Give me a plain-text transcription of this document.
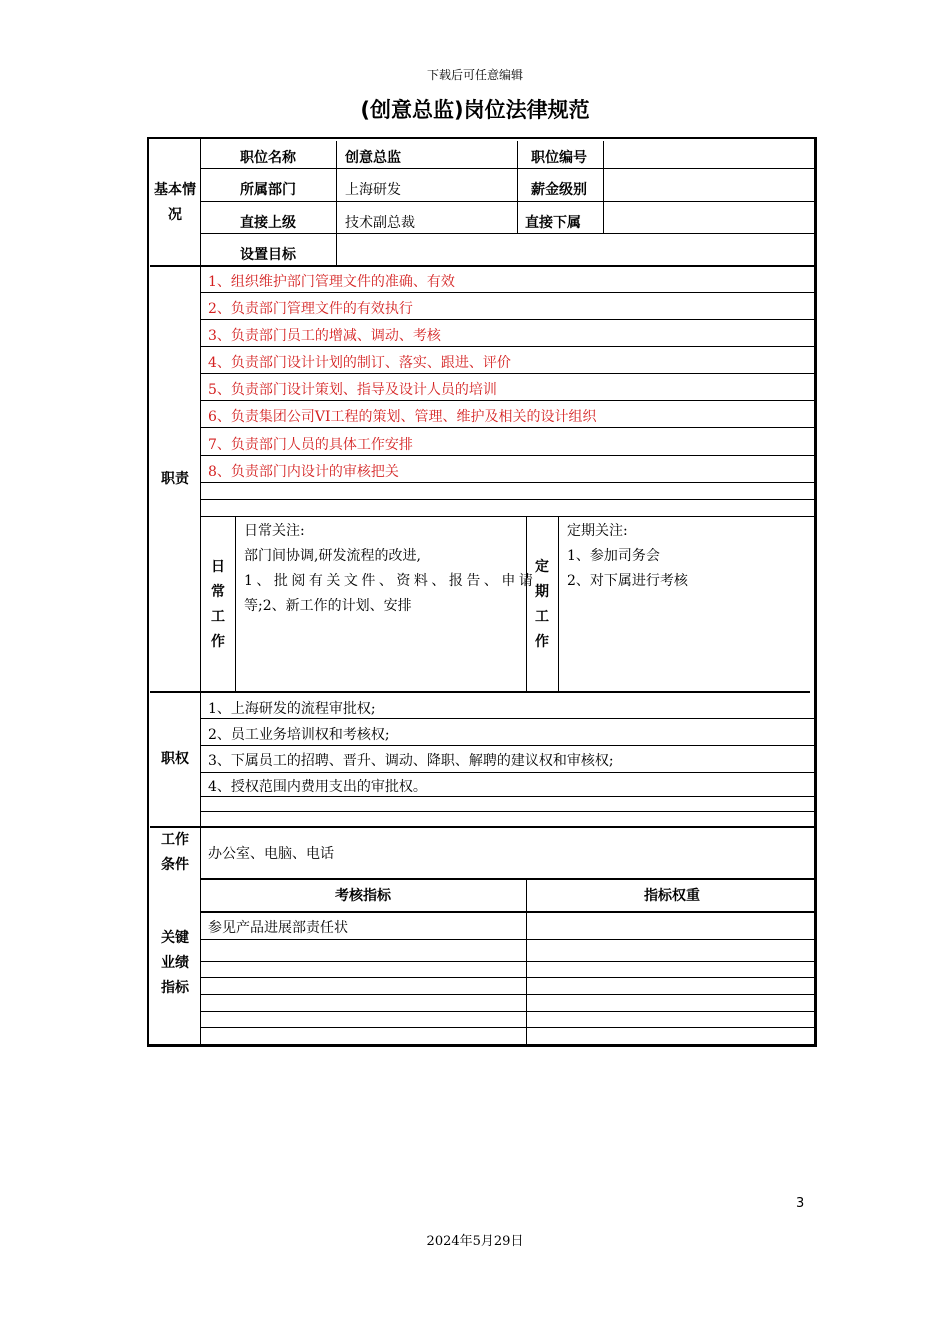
下载后可任意编辑
(创意总监)岗位法律规范
基本情况
职位名称	创意总监	职位编号
所属部门	上海研发	薪金级别
直接上级	技术副总裁	直接下属
设置目标
职责
1、组织维护部门管理文件的准确、有效
2、负责部门管理文件的有效执行
3、负责部门员工的增减、调动、考核
4、负责部门设计计划的制订、落实、跟进、评价
5、负责部门设计策划、指导及设计人员的培训
6、负责集团公司VI工程的策划、管理、维护及相关的设计组织
7、负责部门人员的具体工作安排
8、负责部门内设计的审核把关
日常工作
日常关注:
部门间协调,研发流程的改进,
1、批阅有关文件、资料、报告、申请
等;2、新工作的计划、安排
定期工作
定期关注:
1、参加司务会
2、对下属进行考核
职权
1、上海研发的流程审批权;
2、员工业务培训权和考核权;
3、下属员工的招聘、晋升、调动、降职、解聘的建议权和审核权;
4、授权范围内费用支出的审批权。
工作条件
办公室、电脑、电话
关键业绩指标
考核指标	指标权重
参见产品进展部责任状
3
2024年5月29日
